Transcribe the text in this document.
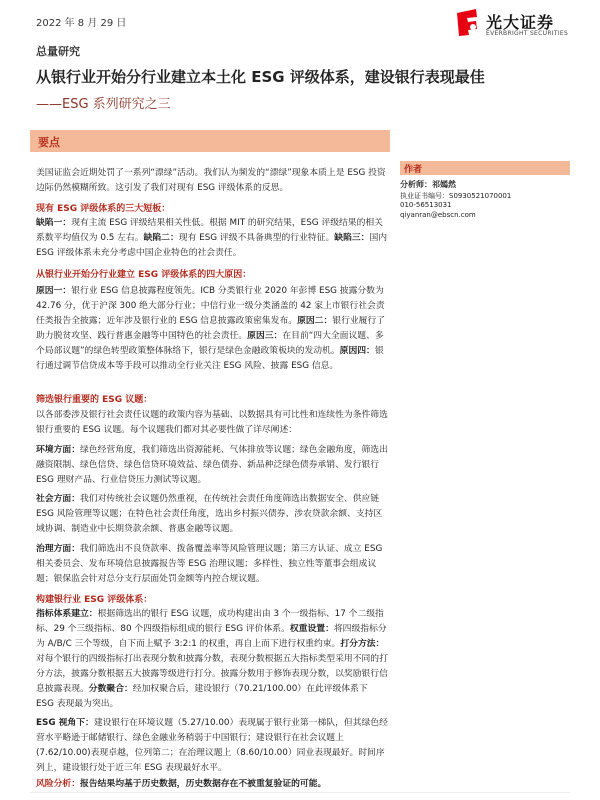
2022 年 8 月 29 日	光大证券
EVERBRIGHT SECURITIES
总量研究
从银行业开始分行业建立本土化 ESG 评级体系，建设银行表现最佳
——ESG 系列研究之三
要点
作者
分析师：祁嫣然
执业证书编号：S0930521070001
010-56513031
qiyanran@ebscn.com
美国证监会近期处罚了一系列“漂绿”活动。我们认为频发的“漂绿”现象本质上是 ESG 投资边际仍然模糊所致。这引发了我们对现有 ESG 评级体系的反思。
现有 ESG 评级体系的三大短板：
缺陷一：现有主流 ESG 评级结果相关性低。根据 MIT 的研究结果，ESG 评级结果的相关系数平均值仅为 0.5 左右。缺陷二：现有 ESG 评级不具备典型的行业特征。缺陷三：国内 ESG 评级体系未充分考虑中国企业特色的社会责任。
从银行业开始分行业建立 ESG 评级体系的四大原因：
原因一：银行业 ESG 信息披露程度领先。ICB 分类银行业 2020 年彭博 ESG 披露分数为 42.76 分，优于沪深 300 绝大部分行业；中信行业一级分类涵盖的 42 家上市银行社会责任类报告全披露；近年涉及银行业的 ESG 信息披露政策密集发布。原因二：银行业履行了助力脱贫攻坚、践行普惠金融等中国特色的社会责任。原因三：在目前“四大全面议题、多个局部议题”的绿色转型政策整体脉络下，银行是绿色金融政策板块的发动机。原因四：银行通过调节信贷成本等手段可以推动全行业关注 ESG 风险、披露 ESG 信息。
筛选银行重要的 ESG 议题：
以各部委涉及银行社会责任议题的政策内容为基础、以数据具有可比性和连续性为条件筛选银行重要的 ESG 议题。每个议题我们都对其必要性做了详尽阐述：
环境方面：绿色经营角度，我们筛选出资源能耗、气体排放等议题；绿色金融角度，筛选出融资限制、绿色信贷、绿色信贷环境效益、绿色债券、新品种泛绿色债券承销、发行银行 ESG 理财产品、行业信贷压力测试等议题。
社会方面：我们对传统社会议题仍然重视，在传统社会责任角度筛选出数据安全、供应链 ESG 风险管理等议题；在特色社会责任角度，选出乡村振兴债券、涉农贷款余额、支持区域协调、制造业中长期贷款余额、普惠金融等议题。
治理方面：我们筛选出不良贷款率、拨备覆盖率等风险管理议题；第三方认证、成立 ESG 相关委员会、发布环境信息披露报告等 ESG 治理议题；多样性、独立性等董事会组成议题；银保监会针对总分支行层面处罚金额等内控合规议题。
构建银行业 ESG 评级体系：
指标体系建立：根据筛选出的银行 ESG 议题，成功构建出由 3 个一级指标、17 个二级指标、29 个三级指标、80 个四级指标组成的银行 ESG 评价体系。权重设置：将四级指标分为 A/B/C 三个等级，自下而上赋予 3:2:1 的权重，再自上而下进行权重约束。打分方法：对每个银行的四级指标打出表现分数和披露分数，表现分数根据五大指标类型采用不同的打分方法，披露分数根据五大披露等级进行打分。披露分数用于修饰表现分数，以奖励银行信息披露表现。分数聚合：经加权聚合后，建设银行（70.21/100.00）在此评级体系下 ESG 表现最为突出。
ESG 视角下：建设银行在环境议题（5.27/10.00）表现属于银行业第一梯队，但其绿色经营水平略逊于邮储银行、绿色金融业务稍弱于中国银行；建设银行在社会议题上(7.62/10.00)表现卓越，位列第二；在治理议题上（8.60/10.00）同业表现最好。时间序列上，建设银行处于近三年 ESG 表现最好水平。
风险分析：报告结果均基于历史数据，历史数据存在不被重复验证的可能。
